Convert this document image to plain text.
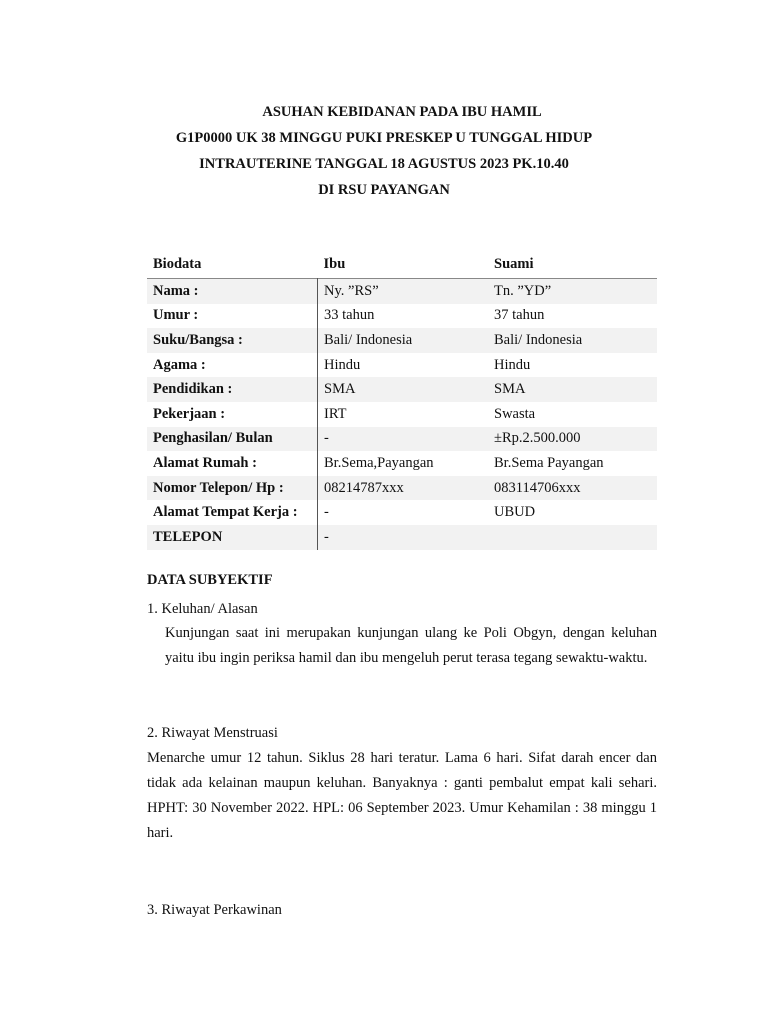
ASUHAN KEBIDANAN PADA IBU HAMIL
G1P0000 UK 38 MINGGU PUKI PRESKEP U TUNGGAL HIDUP
INTRAUTERINE TANGGAL 18 AGUSTUS 2023 PK.10.40
DI RSU PAYANGAN
Biodata	Ibu	Suami
Nama :	Ny. ”RS”	Tn. ”YD”
Umur :	33 tahun	37 tahun
Suku/Bangsa :	Bali/ Indonesia	Bali/ Indonesia
Agama :	Hindu	Hindu
Pendidikan :	SMA	SMA
Pekerjaan :	IRT	Swasta
Penghasilan/ Bulan	-	±Rp.2.500.000
Alamat Rumah :	Br.Sema,Payangan	Br.Sema Payangan
Nomor Telepon/ Hp :	08214787xxx	083114706xxx
Alamat Tempat Kerja :	-	UBUD
TELEPON	-	
DATA SUBYEKTIF
1. Keluhan/ Alasan
Kunjungan saat ini merupakan kunjungan ulang ke Poli Obgyn, dengan keluhan yaitu ibu ingin periksa hamil dan ibu mengeluh perut terasa tegang sewaktu-waktu.
2. Riwayat Menstruasi
Menarche umur 12 tahun. Siklus 28 hari teratur. Lama 6 hari. Sifat darah encer dan tidak ada kelainan maupun keluhan. Banyaknya : ganti pembalut empat kali sehari. HPHT: 30 November 2022. HPL: 06 September 2023. Umur Kehamilan : 38 minggu 1 hari.
3. Riwayat Perkawinan
